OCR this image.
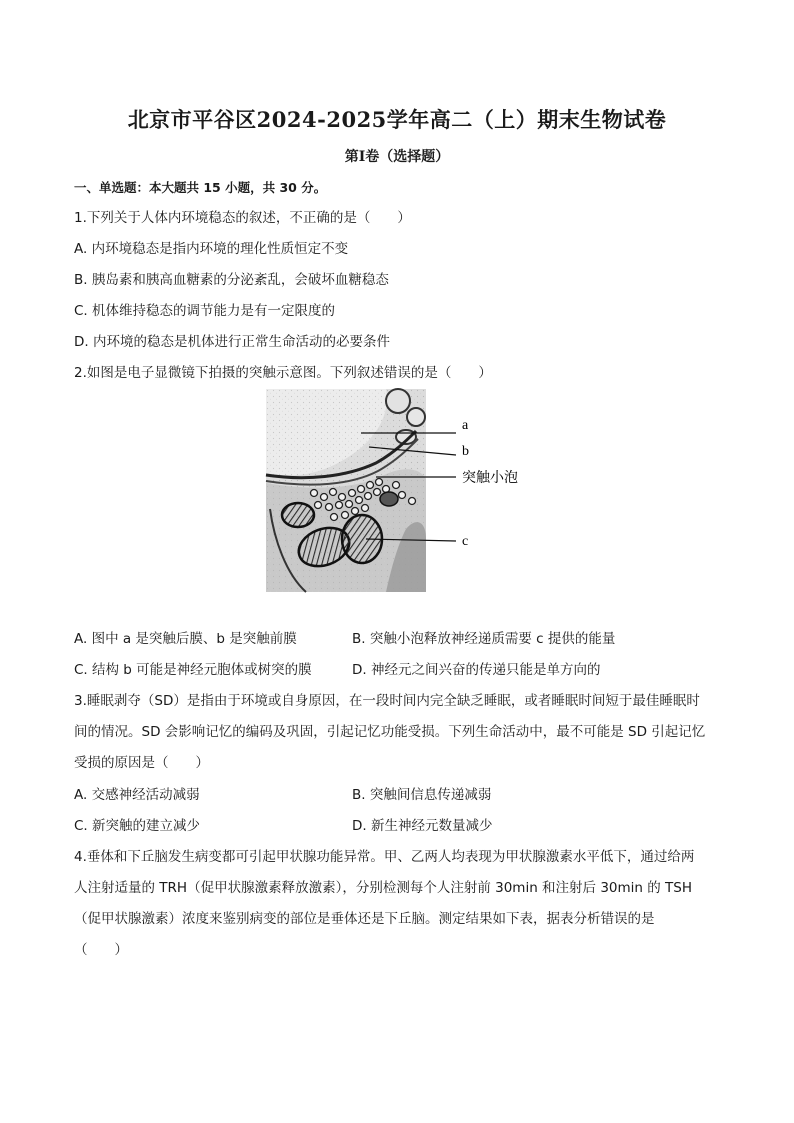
北京市平谷区2024-2025学年高二（上）期末生物试卷
第I卷（选择题）
一、单选题：本大题共 15 小题，共 30 分。
1.下列关于人体内环境稳态的叙述，不正确的是（　　）
A. 内环境稳态是指内环境的理化性质恒定不变
B. 胰岛素和胰高血糖素的分泌紊乱，会破坏血糖稳态
C. 机体维持稳态的调节能力是有一定限度的
D. 内环境的稳态是机体进行正常生命活动的必要条件
2.如图是电子显微镜下拍摄的突触示意图。下列叙述错误的是（　　）
a
b
突触小泡
c
A. 图中 a 是突触后膜、b 是突触前膜	B. 突触小泡释放神经递质需要 c 提供的能量
C. 结构 b 可能是神经元胞体或树突的膜	D. 神经元之间兴奋的传递只能是单方向的
3.睡眠剥夺（SD）是指由于环境或自身原因，在一段时间内完全缺乏睡眠，或者睡眠时间短于最佳睡眠时
间的情况。SD 会影响记忆的编码及巩固，引起记忆功能受损。下列生命活动中，最不可能是 SD 引起记忆
受损的原因是（　　）
A. 交感神经活动减弱	B. 突触间信息传递减弱
C. 新突触的建立减少	D. 新生神经元数量减少
4.垂体和下丘脑发生病变都可引起甲状腺功能异常。甲、乙两人均表现为甲状腺激素水平低下，通过给两
人注射适量的 TRH（促甲状腺激素释放激素），分别检测每个人注射前 30min 和注射后 30min 的 TSH
（促甲状腺激素）浓度来鉴别病变的部位是垂体还是下丘脑。测定结果如下表，据表分析错误的是
（　　）
